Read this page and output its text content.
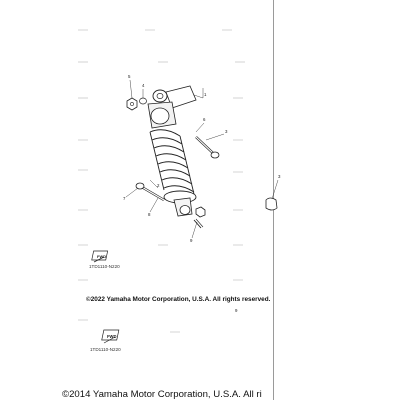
5
4
1
6
3
2
7
8
9
3
9
FWD
FWD
1TD1110-N220
1TD1110-N220
©2022 Yamaha Motor Corporation, U.S.A. All rights reserved.
©2014 Yamaha Motor Corporation, U.S.A. All ri
